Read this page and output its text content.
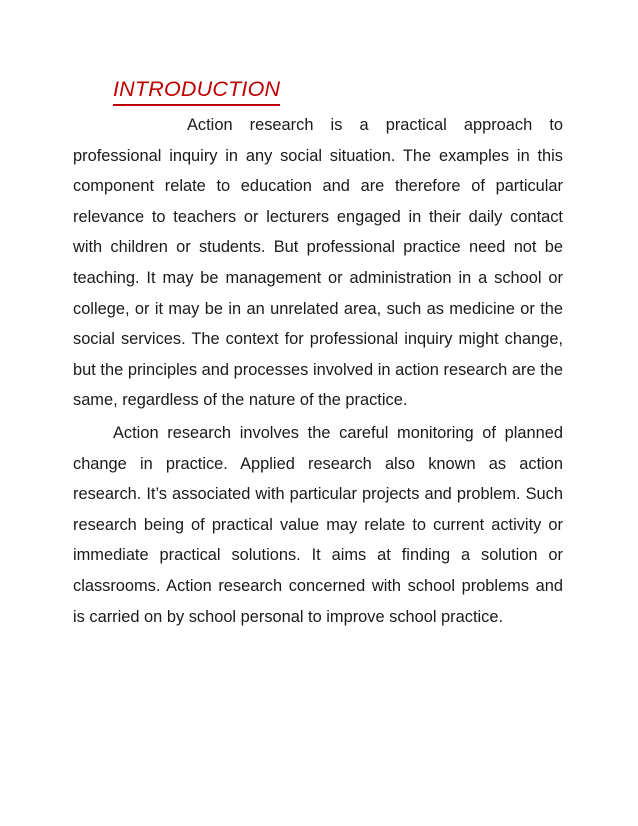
INTRODUCTION

Action research is a practical approach to professional inquiry in any social situation. The examples in this component relate to education and are therefore of particular relevance to teachers or lecturers engaged in their daily contact with children or students. But professional practice need not be teaching. It may be management or administration in a school or college, or it may be in an unrelated area, such as medicine or the social services. The context for professional inquiry might change, but the principles and processes involved in action research are the same, regardless of the nature of the practice.

Action research involves the careful monitoring of planned change in practice. Applied research also known as action research. It’s associated with particular projects and problem. Such research being of practical value may relate to current activity or immediate practical solutions. It aims at finding a solution or classrooms. Action research concerned with school problems and is carried on by school personal to improve school practice.
